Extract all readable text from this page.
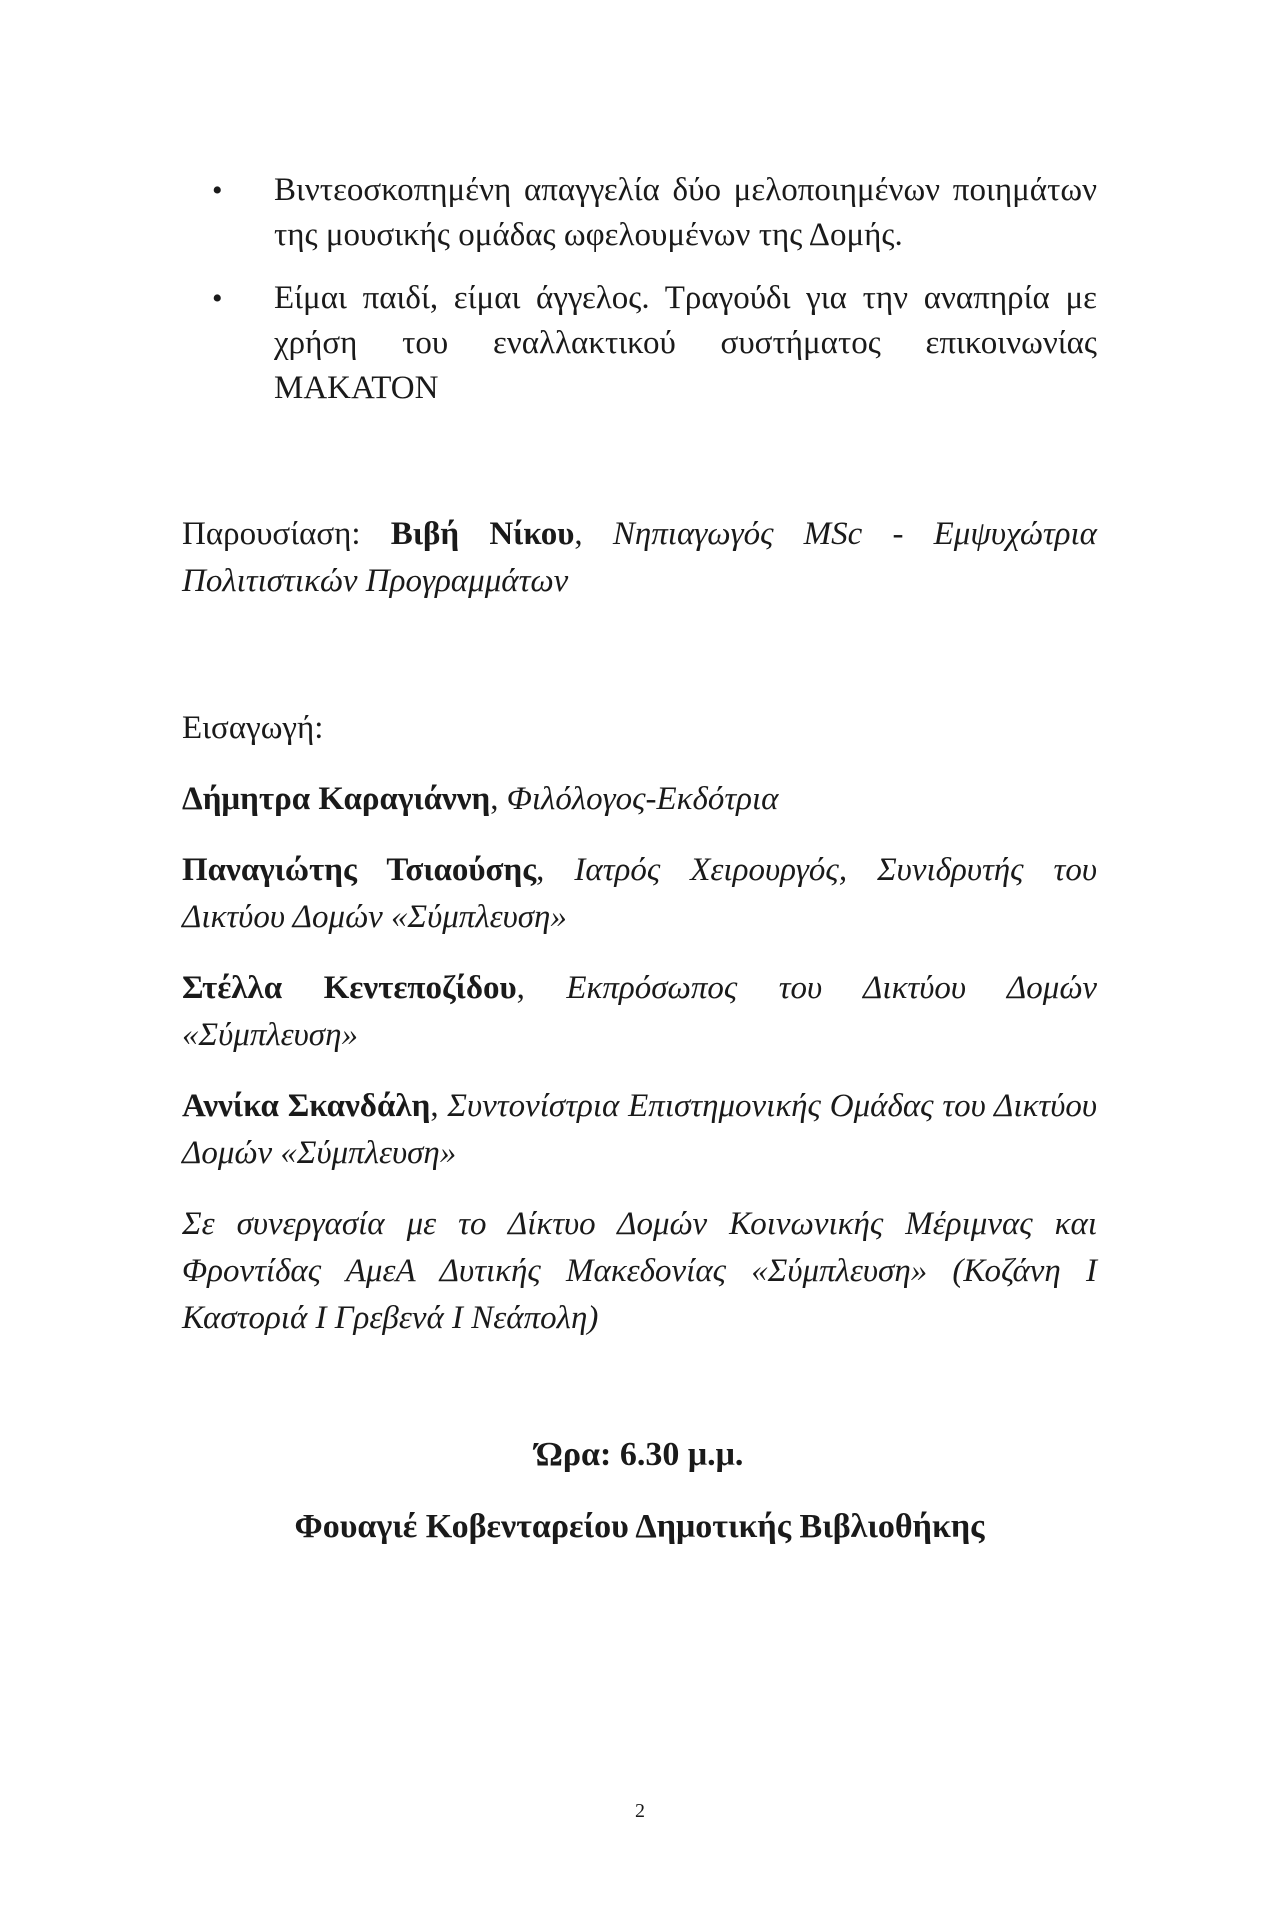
• Βιντεοσκοπημένη απαγγελία δύο μελοποιημένων ποιημάτων της μουσικής ομάδας ωφελουμένων της Δομής.
• Είμαι παιδί, είμαι άγγελος. Τραγούδι για την αναπηρία με χρήση του εναλλακτικού συστήματος επικοινωνίας ΜΑΚΑΤΟΝ

Παρουσίαση: Βιβή Νίκου, Νηπιαγωγός MSc - Εμψυχώτρια Πολιτιστικών Προγραμμάτων

Εισαγωγή:

Δήμητρα Καραγιάννη, Φιλόλογος-Εκδότρια

Παναγιώτης Τσιαούσης, Ιατρός Χειρουργός, Συνιδρυτής του Δικτύου Δομών «Σύμπλευση»

Στέλλα Κεντεποζίδου, Εκπρόσωπος του Δικτύου Δομών «Σύμπλευση»

Αννίκα Σκανδάλη, Συντονίστρια Επιστημονικής Ομάδας του Δικτύου Δομών «Σύμπλευση»

Σε συνεργασία με το Δίκτυο Δομών Κοινωνικής Μέριμνας και Φροντίδας ΑμεΑ Δυτικής Μακεδονίας «Σύμπλευση» (Κοζάνη I Καστοριά I Γρεβενά I Νεάπολη)

Ώρα: 6.30 μ.μ.

Φουαγιέ Κοβενταρείου Δημοτικής Βιβλιοθήκης

2
